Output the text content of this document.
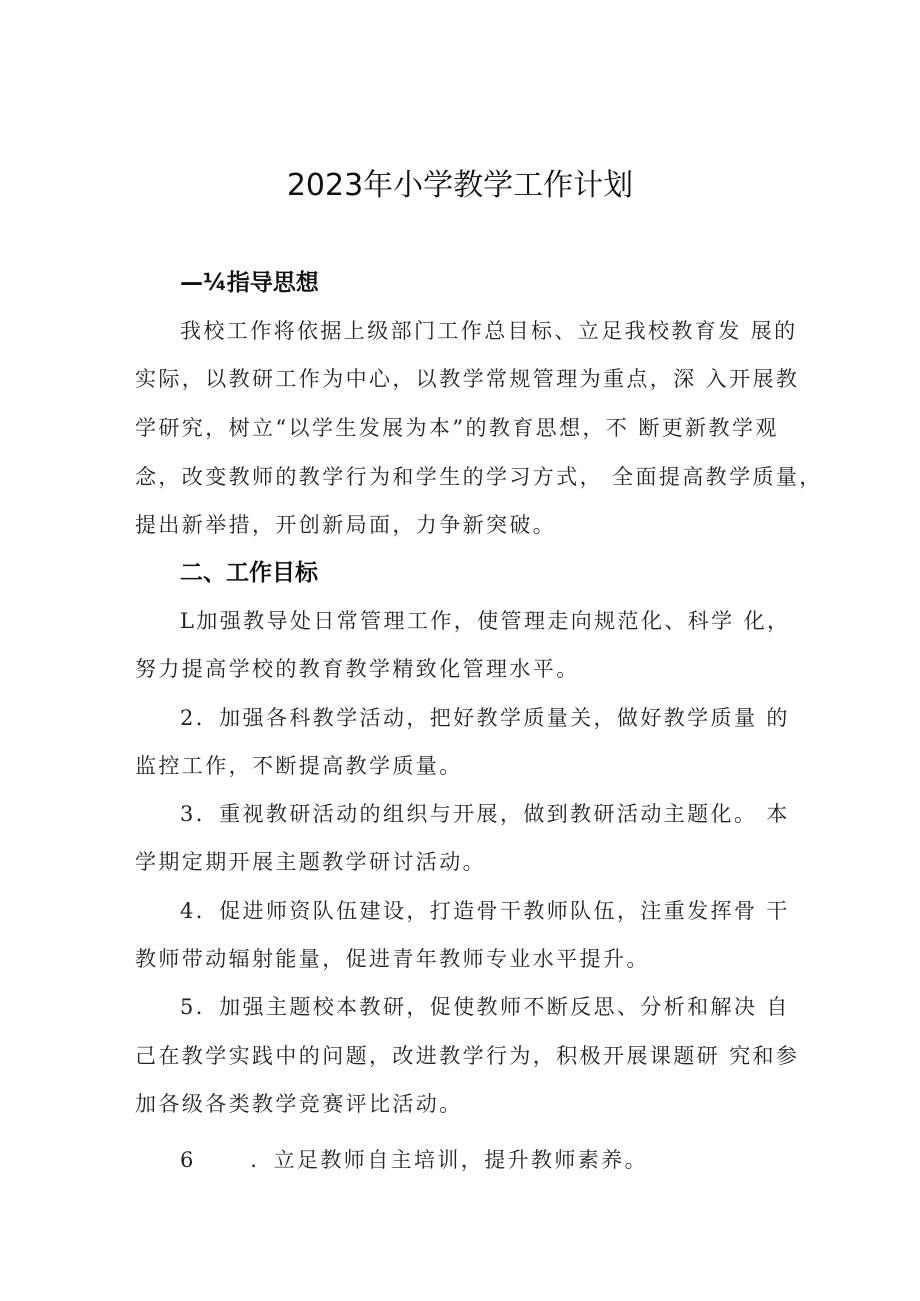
2023年小学教学工作计划
—¼指导思想
我校工作将依据上级部门工作总目标、立足我校教育发 展的
实际，以教研工作为中心，以教学常规管理为重点，深 入开展教
学研究，树立“以学生发展为本”的教育思想，不 断更新教学观
念，改变教师的教学行为和学生的学习方式， 全面提高教学质量，
提出新举措，开创新局面，力争新突破。
二、工作目标
L加强教导处日常管理工作，使管理走向规范化、科学 化，
努力提高学校的教育教学精致化管理水平。
2．加强各科教学活动，把好教学质量关，做好教学质量 的
监控工作，不断提高教学质量。
3．重视教研活动的组织与开展，做到教研活动主题化。 本
学期定期开展主题教学研讨活动。
4．促进师资队伍建设，打造骨干教师队伍，注重发挥骨 干
教师带动辐射能量，促进青年教师专业水平提升。
5．加强主题校本教研，促使教师不断反思、分析和解决 自
己在教学实践中的问题，改进教学行为，积极开展课题研 究和参
加各级各类教学竞赛评比活动。
6      ．立足教师自主培训，提升教师素养。
